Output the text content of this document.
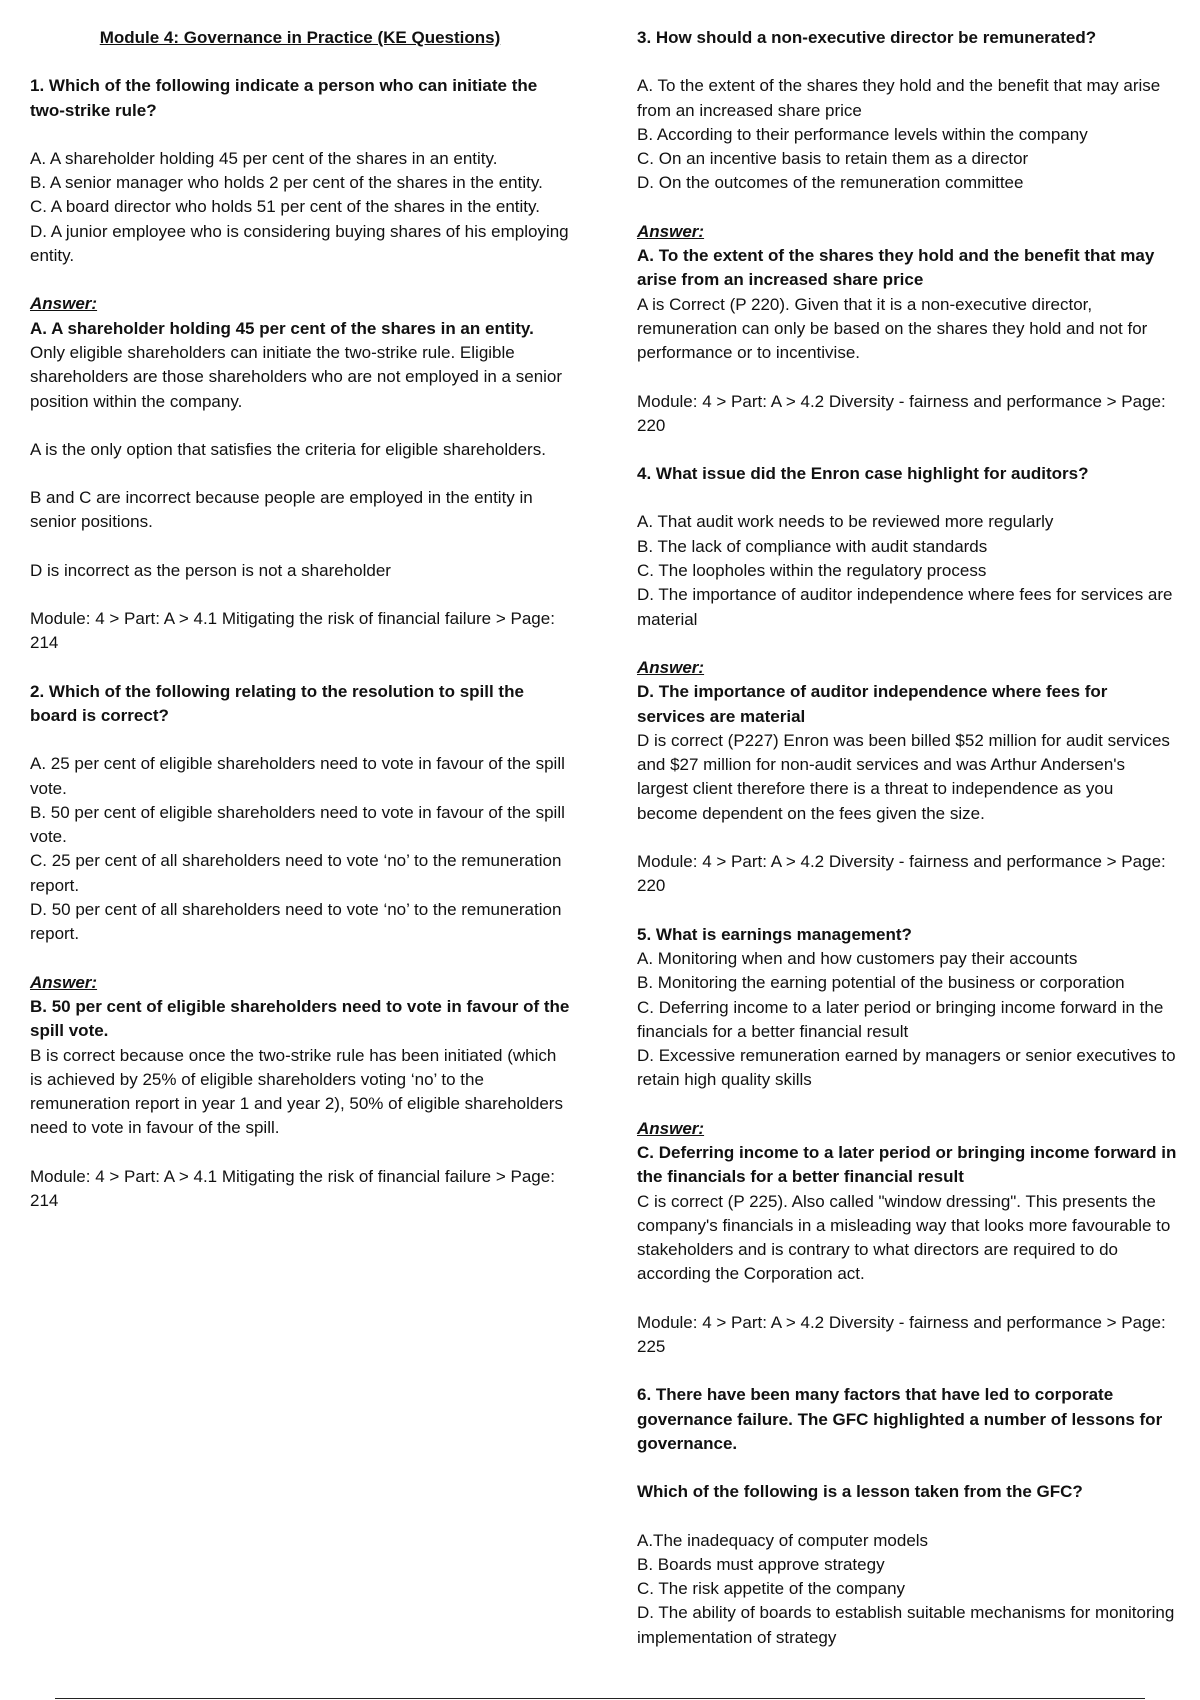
Module 4: Governance in Practice (KE Questions)
1. Which of the following indicate a person who can initiate the two-strike rule?
A. A shareholder holding 45 per cent of the shares in an entity.
B. A senior manager who holds 2 per cent of the shares in the entity.
C. A board director who holds 51 per cent of the shares in the entity.
D. A junior employee who is considering buying shares of his employing entity.
Answer:
A. A shareholder holding 45 per cent of the shares in an entity.
Only eligible shareholders can initiate the two-strike rule. Eligible shareholders are those shareholders who are not employed in a senior position within the company.
A is the only option that satisfies the criteria for eligible shareholders.
B and C are incorrect because people are employed in the entity in senior positions.
D is incorrect as the person is not a shareholder
Module: 4 > Part: A > 4.1 Mitigating the risk of financial failure > Page: 214
2. Which of the following relating to the resolution to spill the board is correct?
A. 25 per cent of eligible shareholders need to vote in favour of the spill vote.
B. 50 per cent of eligible shareholders need to vote in favour of the spill vote.
C. 25 per cent of all shareholders need to vote ‘no’ to the remuneration report.
D. 50 per cent of all shareholders need to vote ‘no’ to the remuneration report.
Answer:
B. 50 per cent of eligible shareholders need to vote in favour of the spill vote.
B is correct because once the two-strike rule has been initiated (which is achieved by 25% of eligible shareholders voting ‘no’ to the remuneration report in year 1 and year 2), 50% of eligible shareholders need to vote in favour of the spill.
Module: 4 > Part: A > 4.1 Mitigating the risk of financial failure > Page: 214
3. How should a non-executive director be remunerated?
A. To the extent of the shares they hold and the benefit that may arise from an increased share price
B. According to their performance levels within the company
C. On an incentive basis to retain them as a director
D. On the outcomes of the remuneration committee
Answer:
A. To the extent of the shares they hold and the benefit that may arise from an increased share price
A is Correct (P 220). Given that it is a non-executive director, remuneration can only be based on the shares they hold and not for performance or to incentivise.
Module: 4 > Part: A > 4.2 Diversity - fairness and performance > Page: 220
4. What issue did the Enron case highlight for auditors?
A. That audit work needs to be reviewed more regularly
B. The lack of compliance with audit standards
C. The loopholes within the regulatory process
D. The importance of auditor independence where fees for services are material
Answer:
D. The importance of auditor independence where fees for services are material
D is correct (P227) Enron was been billed $52 million for audit services and $27 million for non-audit services and was Arthur Andersen's largest client therefore there is a threat to independence as you become dependent on the fees given the size.
Module: 4 > Part: A > 4.2 Diversity - fairness and performance > Page: 220
5. What is earnings management?
A. Monitoring when and how customers pay their accounts
B. Monitoring the earning potential of the business or corporation
C. Deferring income to a later period or bringing income forward in the financials for a better financial result
D. Excessive remuneration earned by managers or senior executives to retain high quality skills
Answer:
C. Deferring income to a later period or bringing income forward in the financials for a better financial result
C is correct (P 225). Also called "window dressing". This presents the company's financials in a misleading way that looks more favourable to stakeholders and is contrary to what directors are required to do according the Corporation act.
Module: 4 > Part: A > 4.2 Diversity - fairness and performance > Page: 225
6. There have been many factors that have led to corporate governance failure. The GFC highlighted a number of lessons for governance.
Which of the following is a lesson taken from the GFC?
A.The inadequacy of computer models
B. Boards must approve strategy
C. The risk appetite of the company
D. The ability of boards to establish suitable mechanisms for monitoring implementation of strategy
